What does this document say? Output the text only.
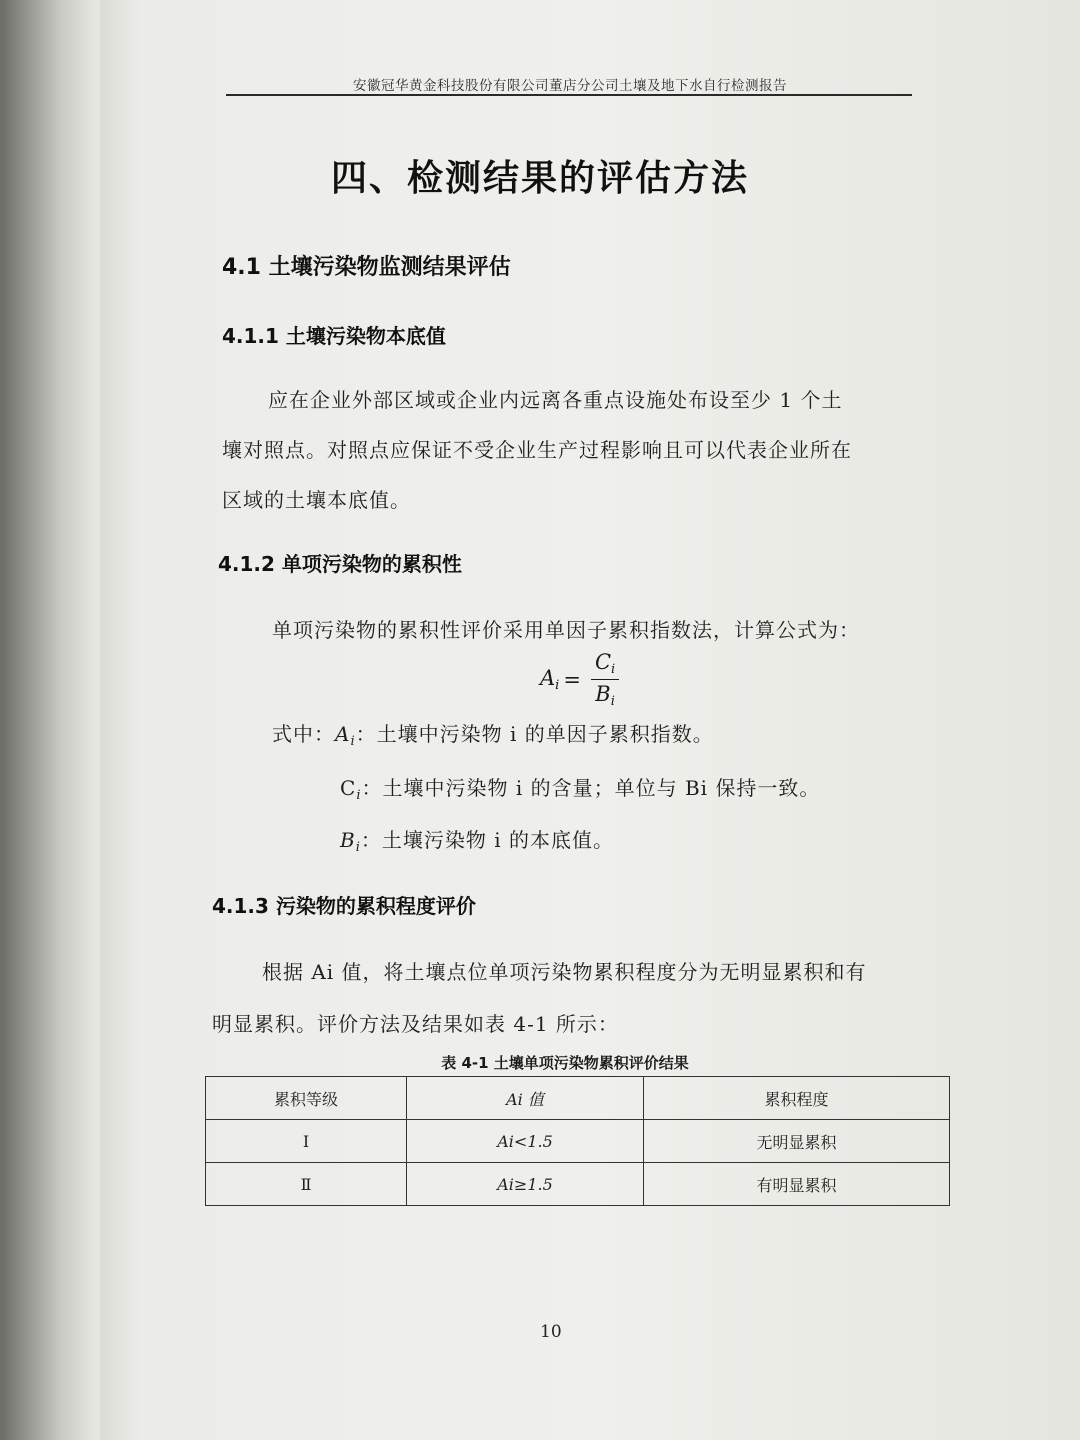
安徽冠华黄金科技股份有限公司董店分公司土壤及地下水自行检测报告
四、检测结果的评估方法
4.1 土壤污染物监测结果评估
4.1.1 土壤污染物本底值
应在企业外部区域或企业内远离各重点设施处布设至少 1 个土
壤对照点。对照点应保证不受企业生产过程影响且可以代表企业所在
区域的土壤本底值。
4.1.2 单项污染物的累积性
单项污染物的累积性评价采用单因子累积指数法，计算公式为：
$A_i = \frac{C_i}{B_i}$
式中：$A_i$：土壤中污染物 i 的单因子累积指数。
$C_i$：土壤中污染物 i 的含量；单位与 Bi 保持一致。
$B_i$：土壤污染物 i 的本底值。
4.1.3 污染物的累积程度评价
根据 Ai 值，将土壤点位单项污染物累积程度分为无明显累积和有
明显累积。评价方法及结果如表 4-1 所示：
表 4-1 土壤单项污染物累积评价结果
累积等级	Ai 值	累积程度
Ⅰ	Ai<1.5	无明显累积
Ⅱ	Ai≥1.5	有明显累积
10
